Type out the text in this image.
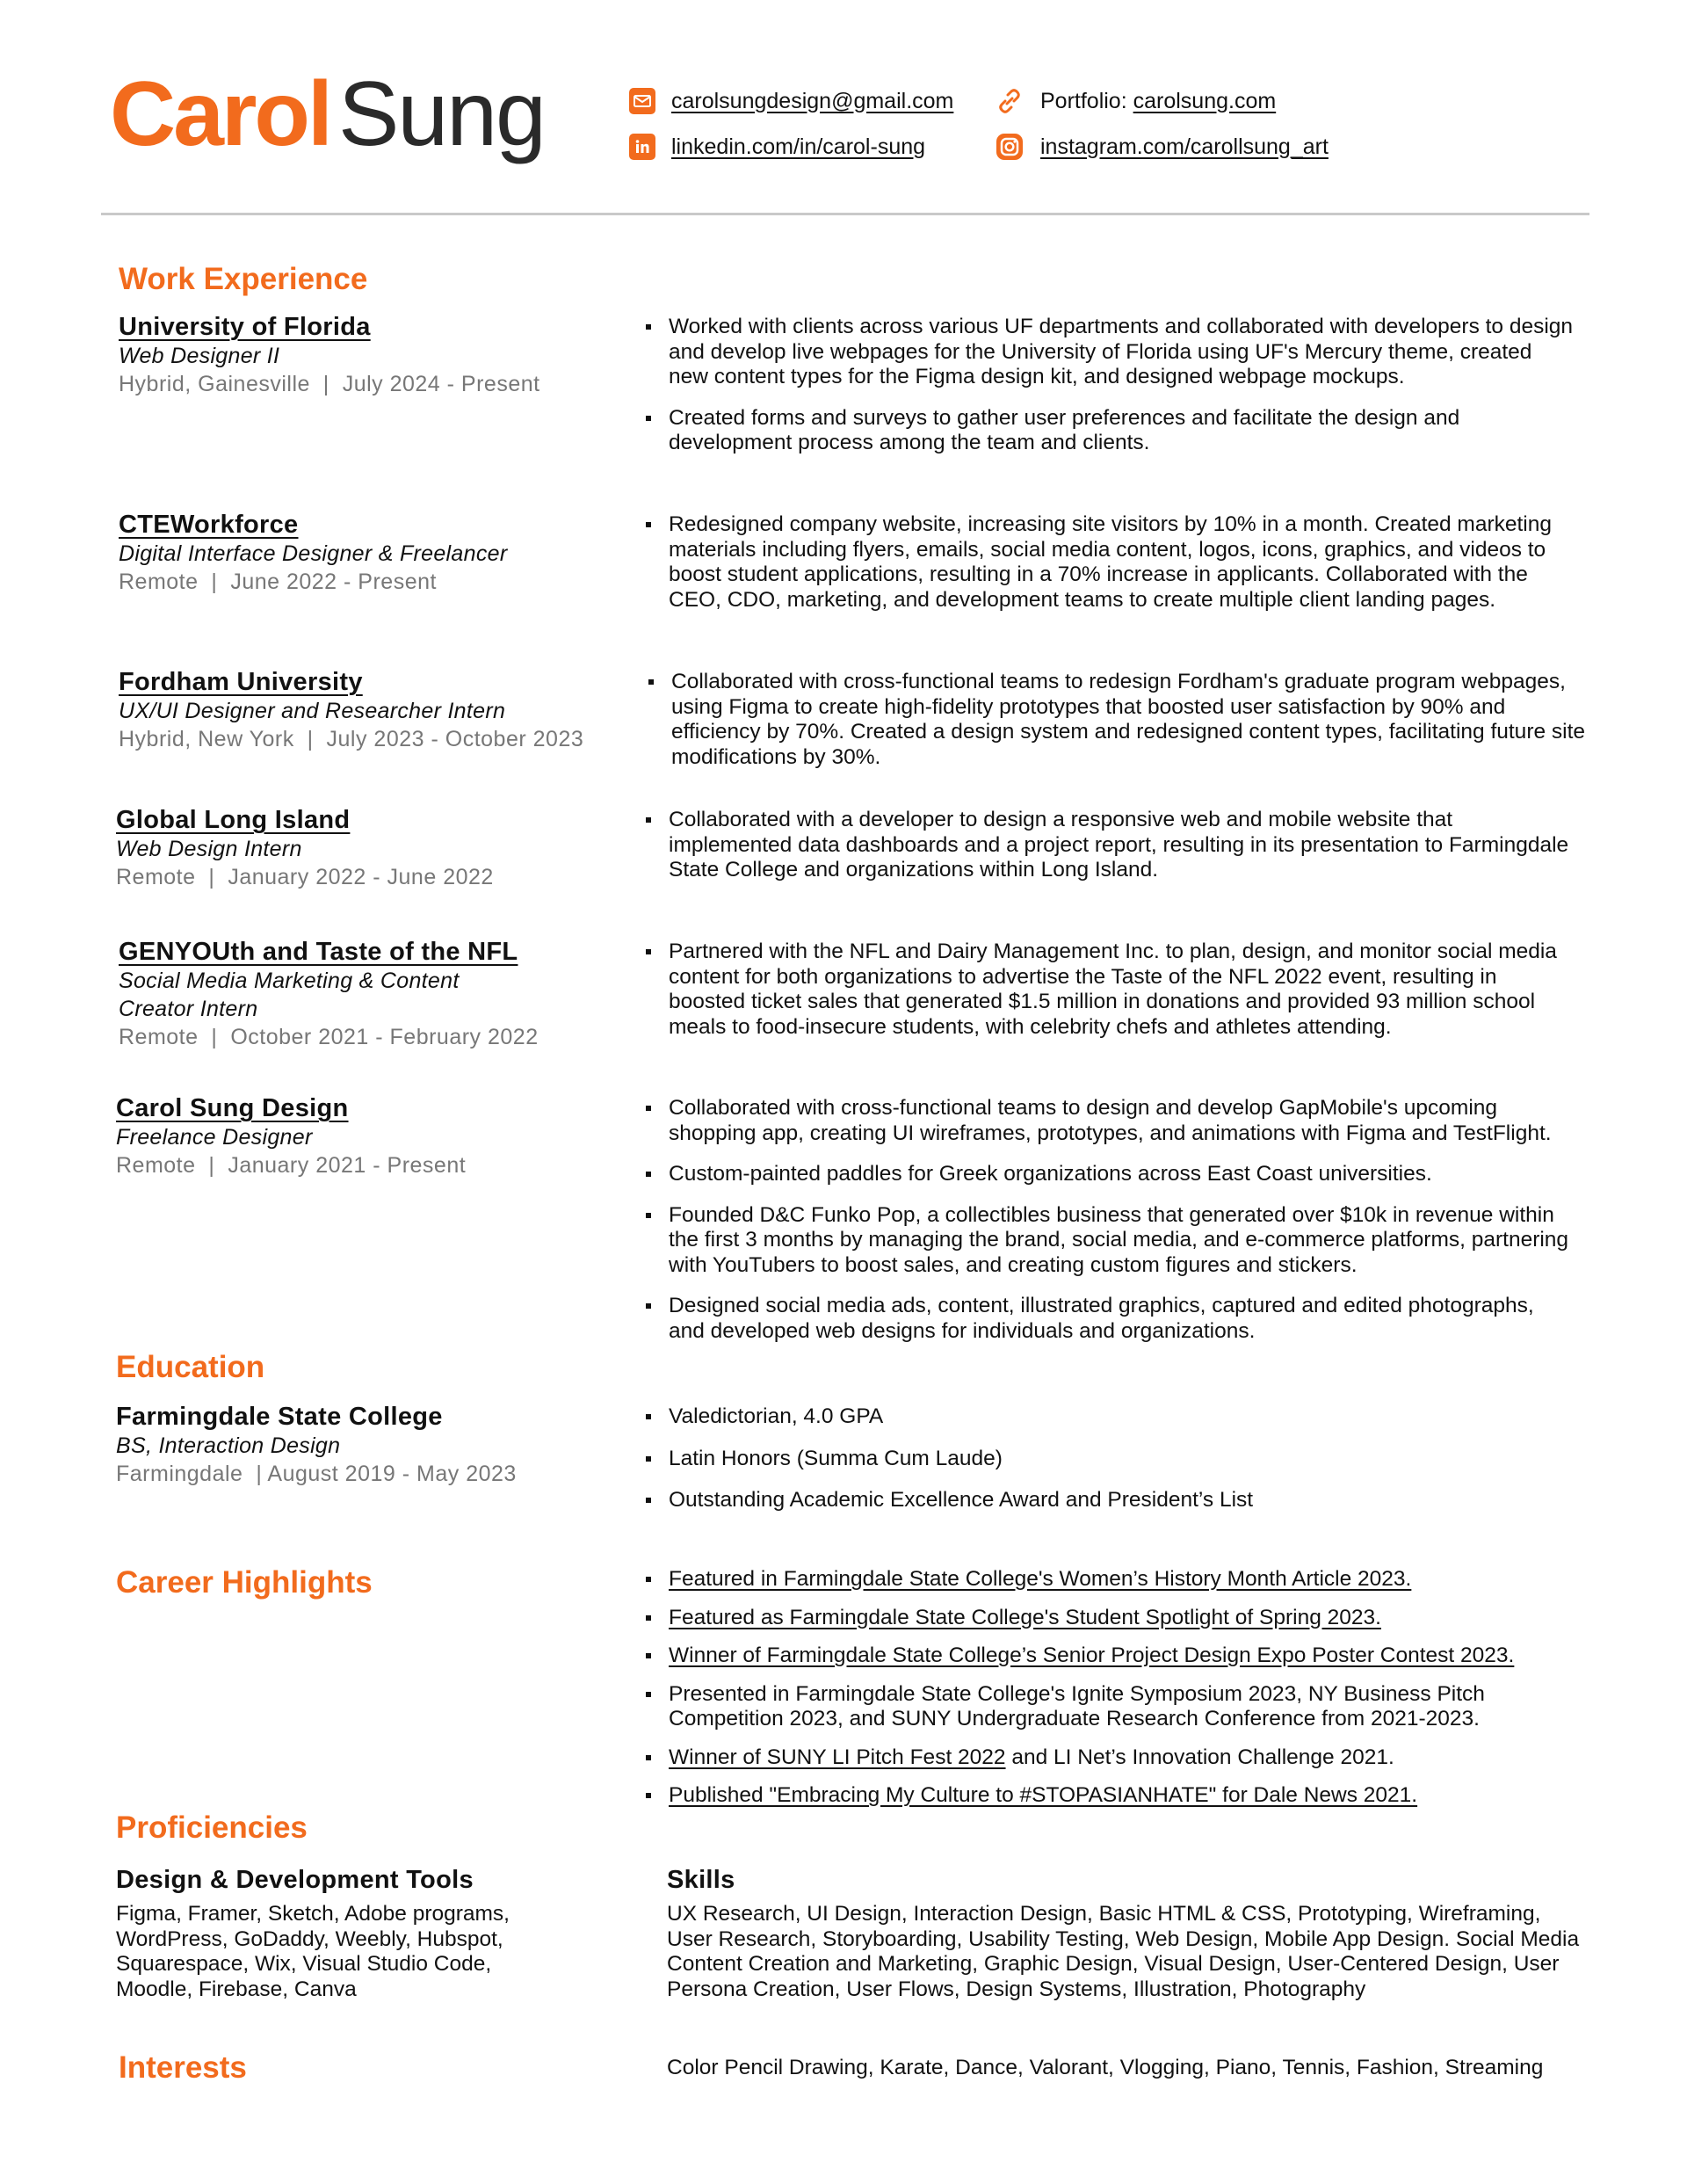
Carol Sung	carolsungdesign@gmail.com
linkedin.com/in/carol-sung
Portfolio: carolsung.com
instagram.com/carollsung_art
Work Experience
University of Florida
Web Designer II
Hybrid, Gainesville  |  July 2024 - Present
Worked with clients across various UF departments and collaborated with developers to design and develop live webpages for the University of Florida using UF's Mercury theme, created new content types for the Figma design kit, and designed webpage mockups.
Created forms and surveys to gather user preferences and facilitate the design and development process among the team and clients.
CTEWorkforce
Digital Interface Designer & Freelancer
Remote  |  June 2022 - Present
Redesigned company website, increasing site visitors by 10% in a month. Created marketing materials including flyers, emails, social media content, logos, icons, graphics, and videos to boost student applications, resulting in a 70% increase in applicants. Collaborated with the CEO, CDO, marketing, and development teams to create multiple client landing pages.
Fordham University
UX/UI Designer and Researcher Intern
Hybrid, New York  |  July 2023 - October 2023
Collaborated with cross-functional teams to redesign Fordham's graduate program webpages, using Figma to create high-fidelity prototypes that boosted user satisfaction by 90% and efficiency by 70%. Created a design system and redesigned content types, facilitating future site modifications by 30%.
Global Long Island
Web Design Intern
Remote  |  January 2022 - June 2022
Collaborated with a developer to design a responsive web and mobile website that implemented data dashboards and a project report, resulting in its presentation to Farmingdale State College and organizations within Long Island.
GENYOUth and Taste of the NFL
Social Media Marketing & Content
Creator Intern
Remote  |  October 2021 - February 2022
Partnered with the NFL and Dairy Management Inc. to plan, design, and monitor social media content for both organizations to advertise the Taste of the NFL 2022 event, resulting in boosted ticket sales that generated $1.5 million in donations and provided 93 million school meals to food-insecure students, with celebrity chefs and athletes attending.
Carol Sung Design
Freelance Designer
Remote  |  January 2021 - Present
Collaborated with cross-functional teams to design and develop GapMobile's upcoming shopping app, creating UI wireframes, prototypes, and animations with Figma and TestFlight.
Custom-painted paddles for Greek organizations across East Coast universities.
Founded D&C Funko Pop, a collectibles business that generated over $10k in revenue within the first 3 months by managing the brand, social media, and e-commerce platforms, partnering with YouTubers to boost sales, and creating custom figures and stickers.
Designed social media ads, content, illustrated graphics, captured and edited photographs, and developed web designs for individuals and organizations.
Education
Farmingdale State College
BS, Interaction Design
Farmingdale  | August 2019 - May 2023
Valedictorian, 4.0 GPA
Latin Honors (Summa Cum Laude)
Outstanding Academic Excellence Award and President’s List
Career Highlights	Featured in Farmingdale State College's Women’s History Month Article 2023.
Featured as Farmingdale State College's Student Spotlight of Spring 2023.
Winner of Farmingdale State College’s Senior Project Design Expo Poster Contest 2023.
Presented in Farmingdale State College's Ignite Symposium 2023, NY Business Pitch Competition 2023, and SUNY Undergraduate Research Conference from 2021-2023.
Winner of SUNY LI Pitch Fest 2022 and LI Net’s Innovation Challenge 2021.
Published "Embracing My Culture to #STOPASIANHATE" for Dale News 2021.
Proficiencies
Design & Development Tools
Figma, Framer, Sketch, Adobe programs, WordPress, GoDaddy, Weebly, Hubspot, Squarespace, Wix, Visual Studio Code, Moodle, Firebase, Canva
Skills
UX Research, UI Design, Interaction Design, Basic HTML & CSS, Prototyping, Wireframing, User Research, Storyboarding, Usability Testing, Web Design, Mobile App Design. Social Media Content Creation and Marketing, Graphic Design, Visual Design, User-Centered Design, User Persona Creation, User Flows, Design Systems, Illustration, Photography
Interests	Color Pencil Drawing, Karate, Dance, Valorant, Vlogging, Piano, Tennis, Fashion, Streaming
